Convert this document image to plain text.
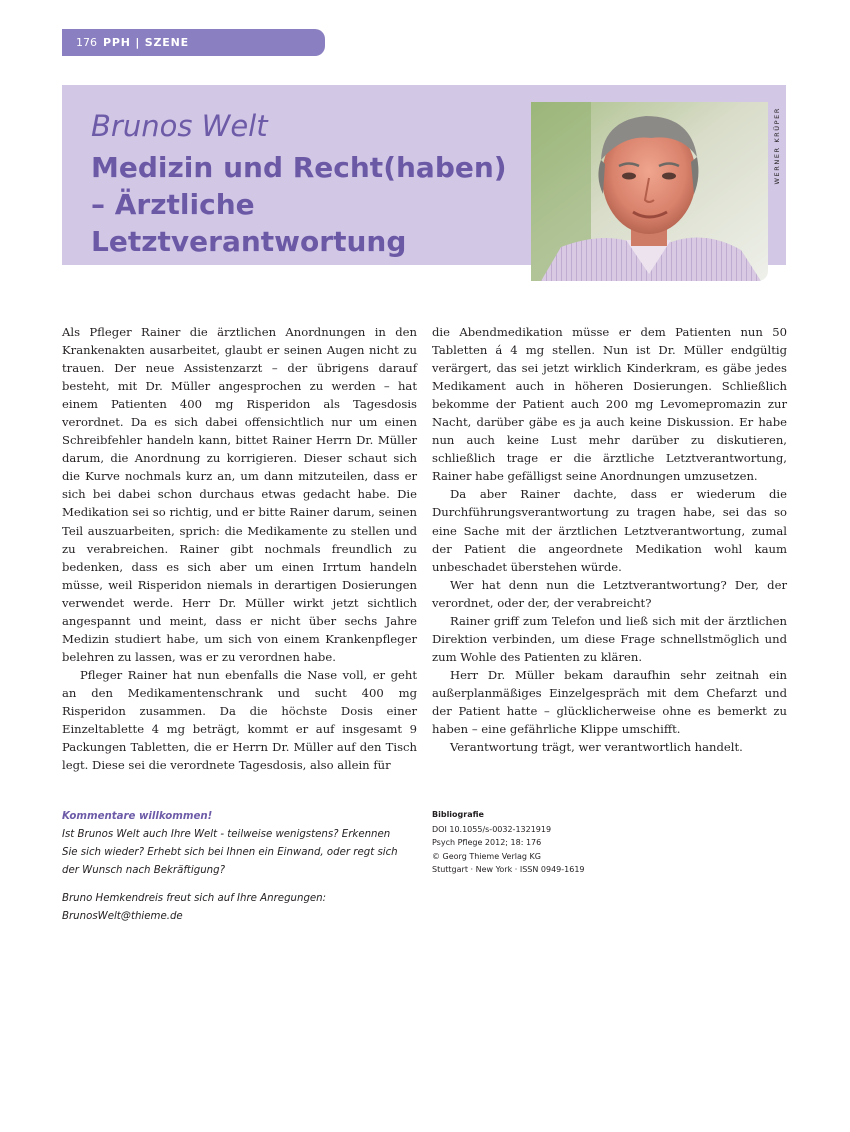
176 PPH | SZENE

Brunos Welt

Medizin und Recht(haben) – Ärztliche Letztverantwortung

WERNER KRÜPER

Als Pfleger Rainer die ärztlichen Anordnungen in den Krankenakten ausarbeitet, glaubt er seinen Augen nicht zu trauen. Der neue Assistenzarzt – der übrigens darauf besteht, mit Dr. Müller angesprochen zu werden – hat einem Patienten 400 mg Risperidon als Tagesdosis verordnet. Da es sich dabei offensichtlich nur um einen Schreibfehler handeln kann, bittet Rainer Herrn Dr. Müller darum, die Anordnung zu korrigieren. Dieser schaut sich die Kurve nochmals kurz an, um dann mitzuteilen, dass er sich bei dabei schon durchaus etwas gedacht habe. Die Medikation sei so richtig, und er bitte Rainer darum, seinen Teil auszuarbeiten, sprich: die Medikamente zu stellen und zu verabreichen. Rainer gibt nochmals freundlich zu bedenken, dass es sich aber um einen Irrtum handeln müsse, weil Risperidon niemals in derartigen Dosierungen verwendet werde. Herr Dr. Müller wirkt jetzt sichtlich angespannt und meint, dass er nicht über sechs Jahre Medizin studiert habe, um sich von einem Krankenpfleger belehren zu lassen, was er zu verordnen habe.

Pfleger Rainer hat nun ebenfalls die Nase voll, er geht an den Medikamentenschrank und sucht 400 mg Risperidon zusammen. Da die höchste Dosis einer Einzeltablette 4 mg beträgt, kommt er auf insgesamt 9 Packungen Tabletten, die er Herrn Dr. Müller auf den Tisch legt. Diese sei die verordnete Tagesdosis, also allein für

die Abendmedikation müsse er dem Patienten nun 50 Tabletten á 4 mg stellen. Nun ist Dr. Müller endgültig verärgert, das sei jetzt wirklich Kinderkram, es gäbe jedes Medikament auch in höheren Dosierungen. Schließlich bekomme der Patient auch 200 mg Levomepromazin zur Nacht, darüber gäbe es ja auch keine Diskussion. Er habe nun auch keine Lust mehr darüber zu diskutieren, schließlich trage er die ärztliche Letztverantwortung, Rainer habe gefälligst seine Anordnungen umzusetzen.

Da aber Rainer dachte, dass er wiederum die Durchführungsverantwortung zu tragen habe, sei das so eine Sache mit der ärztlichen Letztverantwortung, zumal der Patient die angeordnete Medikation wohl kaum unbeschadet überstehen würde.

Wer hat denn nun die Letztverantwortung? Der, der verordnet, oder der, der verabreicht?

Rainer griff zum Telefon und ließ sich mit der ärztlichen Direktion verbinden, um diese Frage schnellstmöglich und zum Wohle des Patienten zu klären.

Herr Dr. Müller bekam daraufhin sehr zeitnah ein außerplanmäßiges Einzelgespräch mit dem Chefarzt und der Patient hatte – glücklicherweise ohne es bemerkt zu haben – eine gefährliche Klippe umschifft.

Verantwortung trägt, wer verantwortlich handelt.

Kommentare willkommen!

Ist Brunos Welt auch Ihre Welt - teilweise wenigstens? Erkennen Sie sich wieder? Erhebt sich bei Ihnen ein Einwand, oder regt sich der Wunsch nach Bekräftigung?

Bruno Hemkendreis freut sich auf Ihre Anregungen:

BrunosWelt@thieme.de

Bibliografie

DOI 10.1055/s-0032-1321919

Psych Pflege 2012; 18: 176

© Georg Thieme Verlag KG

Stuttgart · New York · ISSN 0949-1619
